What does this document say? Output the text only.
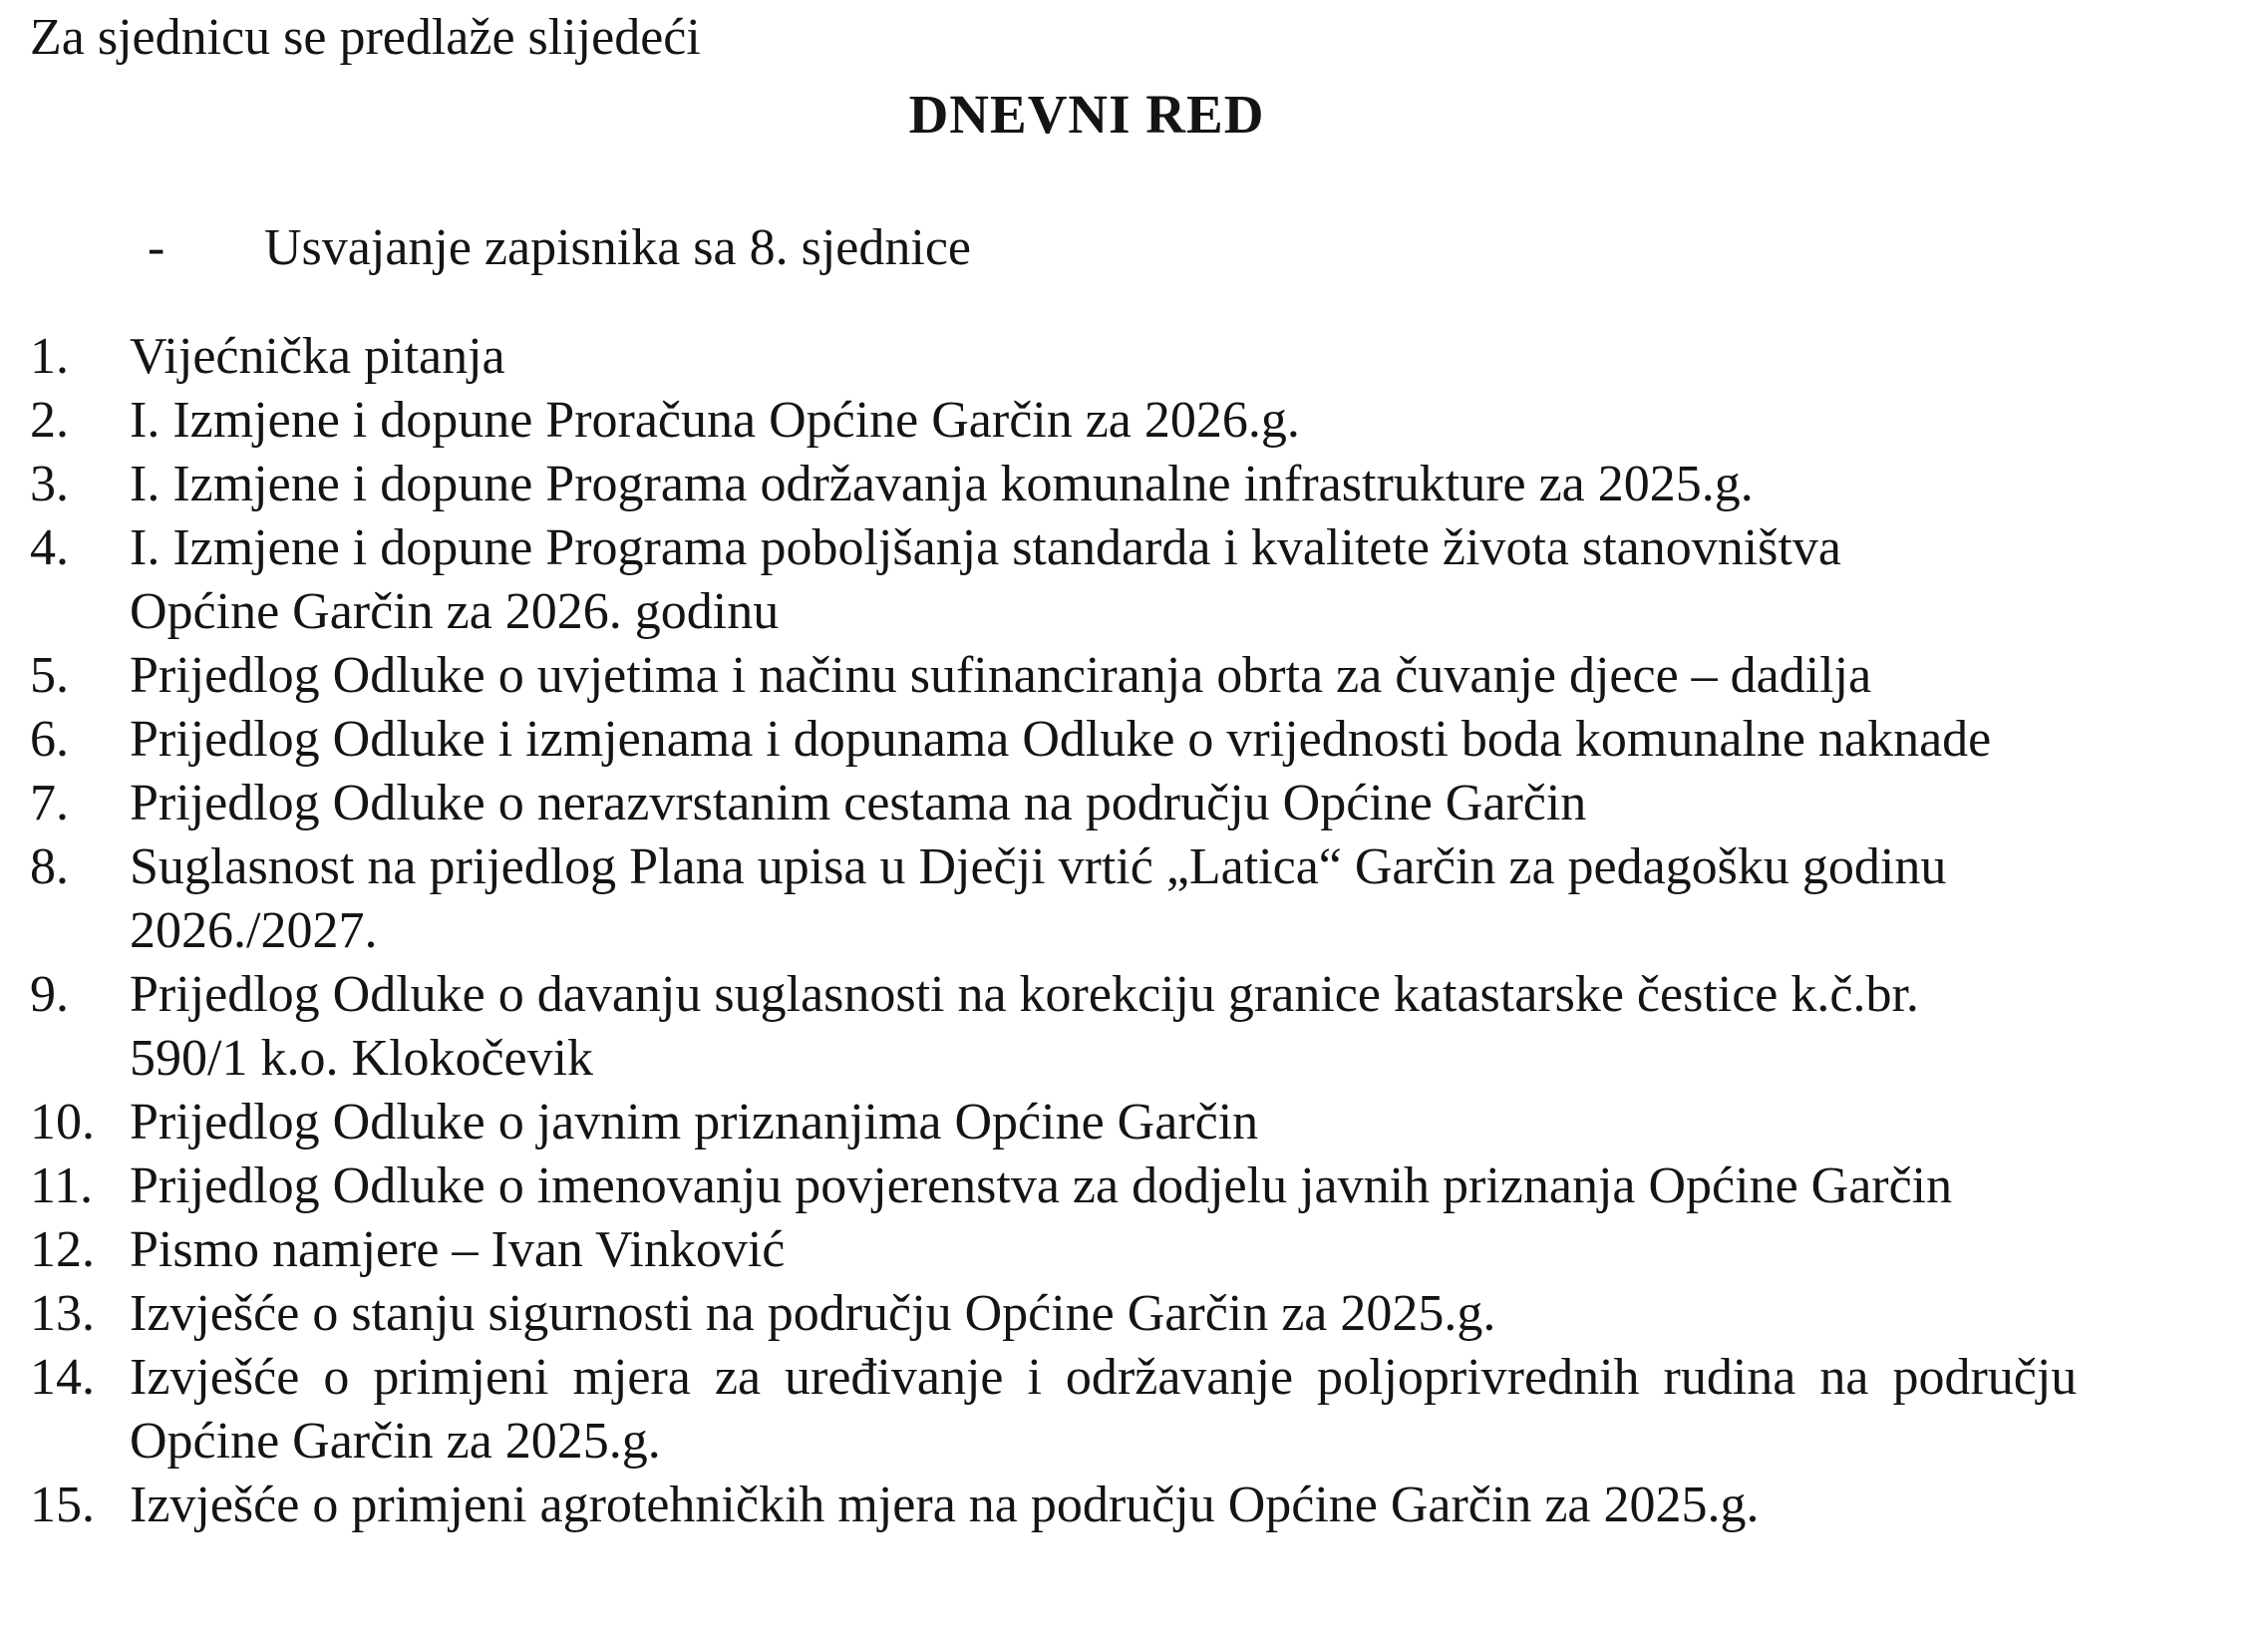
Za sjednicu se predlaže slijedeći
DNEVNI RED
- Usvajanje zapisnika sa 8. sjednice
1. Vijećnička pitanja
2. I. Izmjene i dopune Proračuna Općine Garčin za 2026.g.
3. I. Izmjene i dopune Programa održavanja komunalne infrastrukture za 2025.g.
4. I. Izmjene i dopune Programa poboljšanja standarda i kvalitete života stanovništva
Općine Garčin za 2026. godinu
5. Prijedlog Odluke o uvjetima i načinu sufinanciranja obrta za čuvanje djece – dadilja
6. Prijedlog Odluke i izmjenama i dopunama Odluke o vrijednosti boda komunalne naknade
7. Prijedlog Odluke o nerazvrstanim cestama na području Općine Garčin
8. Suglasnost na prijedlog Plana upisa u Dječji vrtić „Latica“ Garčin za pedagošku godinu
2026./2027.
9. Prijedlog Odluke o davanju suglasnosti na korekciju granice katastarske čestice k.č.br.
590/1 k.o. Klokočevik
10. Prijedlog Odluke o javnim priznanjima Općine Garčin
11. Prijedlog Odluke o imenovanju povjerenstva za dodjelu javnih priznanja Općine Garčin
12. Pismo namjere – Ivan Vinković
13. Izvješće o stanju sigurnosti na području Općine Garčin za 2025.g.
14. Izvješće o primjeni mjera za uređivanje i održavanje poljoprivrednih rudina na području
Općine Garčin za 2025.g.
15. Izvješće o primjeni agrotehničkih mjera na području Općine Garčin za 2025.g.
